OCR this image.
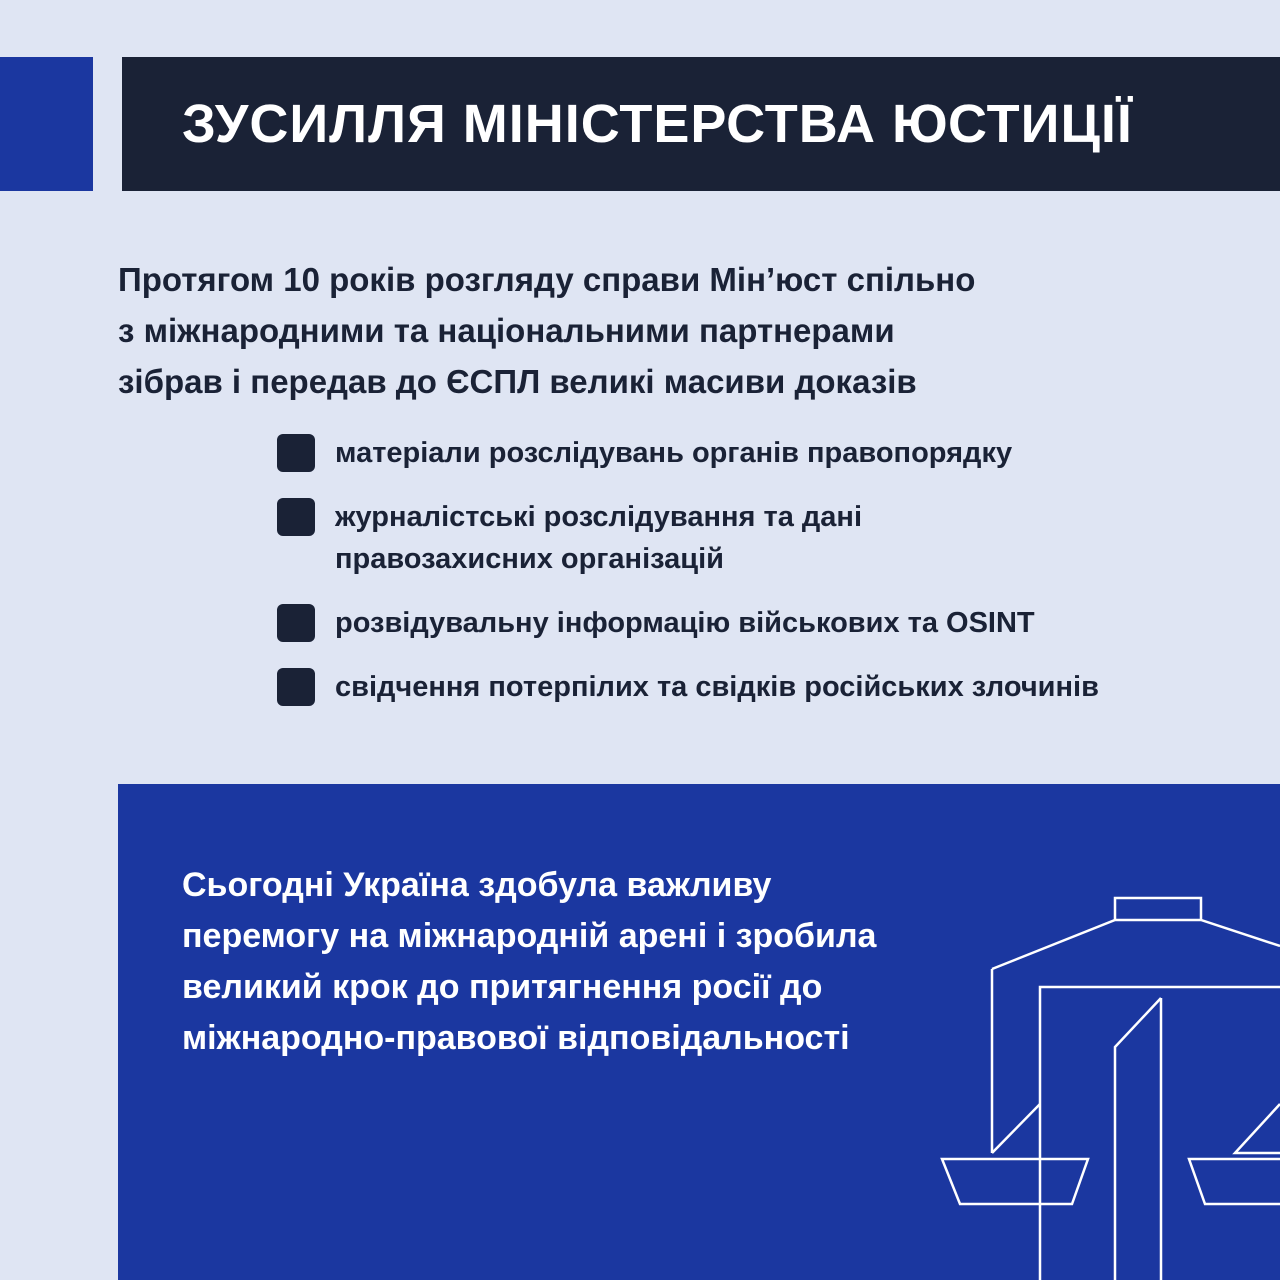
ЗУСИЛЛЯ МІНІСТЕРСТВА ЮСТИЦІЇ

Протягом 10 років розгляду справи Мін’юст спільно
з міжнародними та національними партнерами
зібрав і передав до ЄСПЛ великі масиви доказів

матеріали розслідувань органів правопорядку
журналістські розслідування та дані
правозахисних організацій
розвідувальну інформацію військових та OSINT
свідчення потерпілих та свідків російських злочинів

Сьогодні Україна здобула важливу
перемогу на міжнародній арені і зробила
великий крок до притягнення росії до
міжнародно-правової відповідальності
